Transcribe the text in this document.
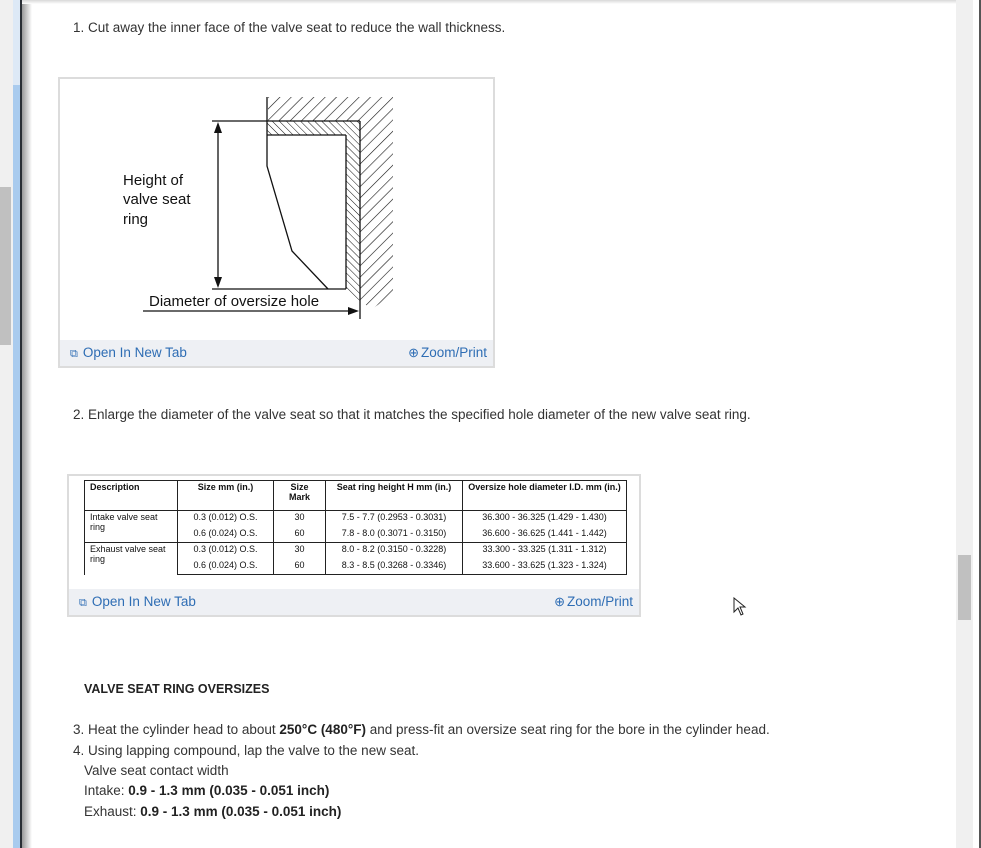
1. Cut away the inner face of the valve seat to reduce the wall thickness.
Height of
valve seat
ring
Diameter of oversize hole
⧉ Open In New Tab	⊕ Zoom/Print
2. Enlarge the diameter of the valve seat so that it matches the specified hole diameter of the new valve seat ring.
Description	Size mm (in.)	Size Mark	Seat ring height H mm (in.)	Oversize hole diameter I.D. mm (in.)
Intake valve seat ring	0.3 (0.012) O.S.	30	7.5 - 7.7 (0.2953 - 0.3031)	36.300 - 36.325 (1.429 - 1.430)
	0.6 (0.024) O.S.	60	7.8 - 8.0 (0.3071 - 0.3150)	36.600 - 36.625 (1.441 - 1.442)
Exhaust valve seat ring	0.3 (0.012) O.S.	30	8.0 - 8.2 (0.3150 - 0.3228)	33.300 - 33.325 (1.311 - 1.312)
	0.6 (0.024) O.S.	60	8.3 - 8.5 (0.3268 - 0.3346)	33.600 - 33.625 (1.323 - 1.324)
⧉ Open In New Tab	⊕ Zoom/Print
VALVE SEAT RING OVERSIZES
3. Heat the cylinder head to about 250°C (480°F) and press-fit an oversize seat ring for the bore in the cylinder head.
4. Using lapping compound, lap the valve to the new seat.
Valve seat contact width
Intake: 0.9 - 1.3 mm (0.035 - 0.051 inch)
Exhaust: 0.9 - 1.3 mm (0.035 - 0.051 inch)
